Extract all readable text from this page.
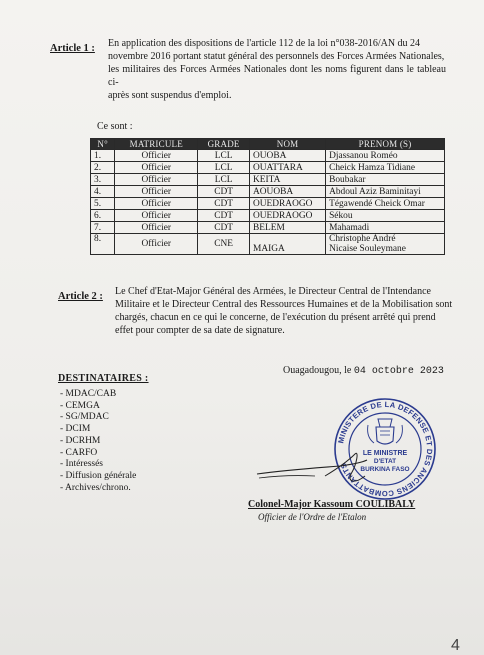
Article 1 : En application des dispositions de l'article 112 de la loi n°038-2016/AN du 24
novembre 2016 portant statut général des personnels des Forces Armées Nationales,
les militaires des Forces Armées Nationales dont les noms figurent dans le tableau ci-
après sont suspendus d'emploi.
Ce sont :
N°	MATRICULE	GRADE	NOM	PRENOM (S)
1.	Officier	LCL	OUOBA	Djassanou Roméo
2.	Officier	LCL	OUATTARA	Cheick Hamza Tidiane
3.	Officier	LCL	KEITA	Boubakar
4.	Officier	CDT	AOUOBA	Abdoul Aziz Baminitayi
5.	Officier	CDT	OUEDRAOGO	Tégawendé Cheick Omar
6.	Officier	CDT	OUEDRAOGO	Sékou
7.	Officier	CDT	BELEM	Mahamadi
8.	Officier	CNE	MAIGA	Christophe André
Nicaise Souleymane
Article 2 : Le Chef d'Etat-Major Général des Armées, le Directeur Central de l'Intendance
Militaire et le Directeur Central des Ressources Humaines et de la Mobilisation sont
chargés, chacun en ce qui le concerne, de l'exécution du présent arrêté qui prend
effet pour compter de sa date de signature.
Ouagadougou, le 04 octobre 2023
DESTINATAIRES :
- MDAC/CAB
- CEMGA
- SG/MDAC
- DCIM
- DCRHM
- CARFO
- Intéressés
- Diffusion générale
- Archives/chrono.
MINISTERE DE LA DEFENSE ET DES ANCIENS COMBATTANTS
LE MINISTRE
D'ETAT
BURKINA FASO
Colonel-Major Kassoum COULIBALY
Officier de l'Ordre de l'Etalon
4
